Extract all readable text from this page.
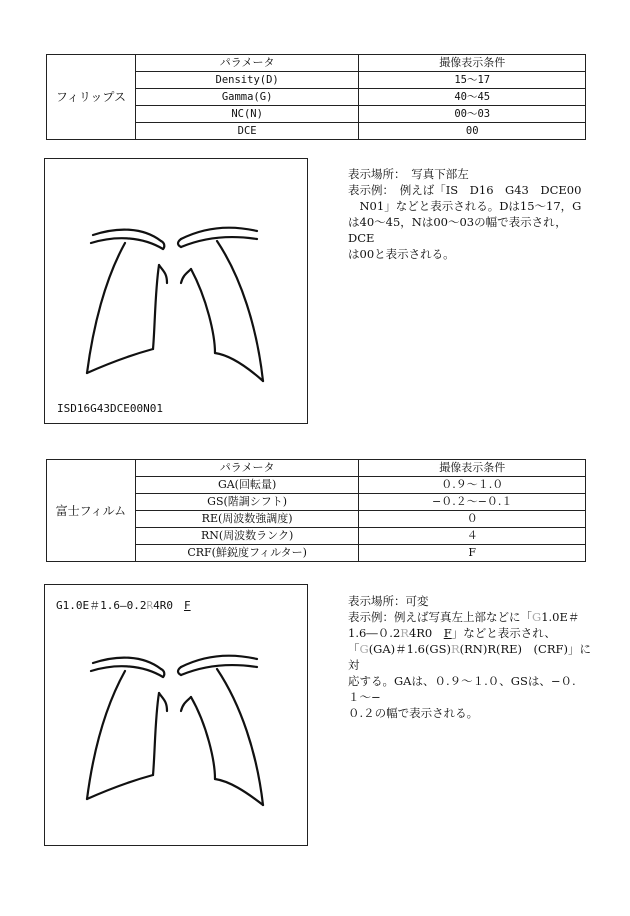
フィリップス	パラメータ	撮像表示条件
	Density(D)	15〜17
	Gamma(G)	40〜45
	NC(N)	00〜03
	DCE	00
ISD16G43DCE00N01

表示場所：　写真下部左

表示例：　例えば「IS　D16　G43　DCE00

　N01」などと表示される。Dは15〜17，G

は40〜45，Nは00〜03の幅で表示され，DCE

は00と表示される。

富士フィルム	パラメータ	撮像表示条件
	GA(回転量)	０.９〜１.０
	GS(階調シフト)	−０.２〜−０.１
	RE(周波数強調度)	０
	RN(周波数ランク)	４
	CRF(鮮鋭度フィルター)	F
G1.0E＃1.6—0.2R4R0　 F	表示場所：可変

表示例：例えば写真左上部などに「G1.0E＃

1.6―０.2R4R0　F」などと表示され、

「G(GA)＃1.6(GS)R(RN)R(RE)　(CRF)」に対

応する。GAは、０.９〜１.０、GSは、−０.１〜−

０.２の幅で表示される。
